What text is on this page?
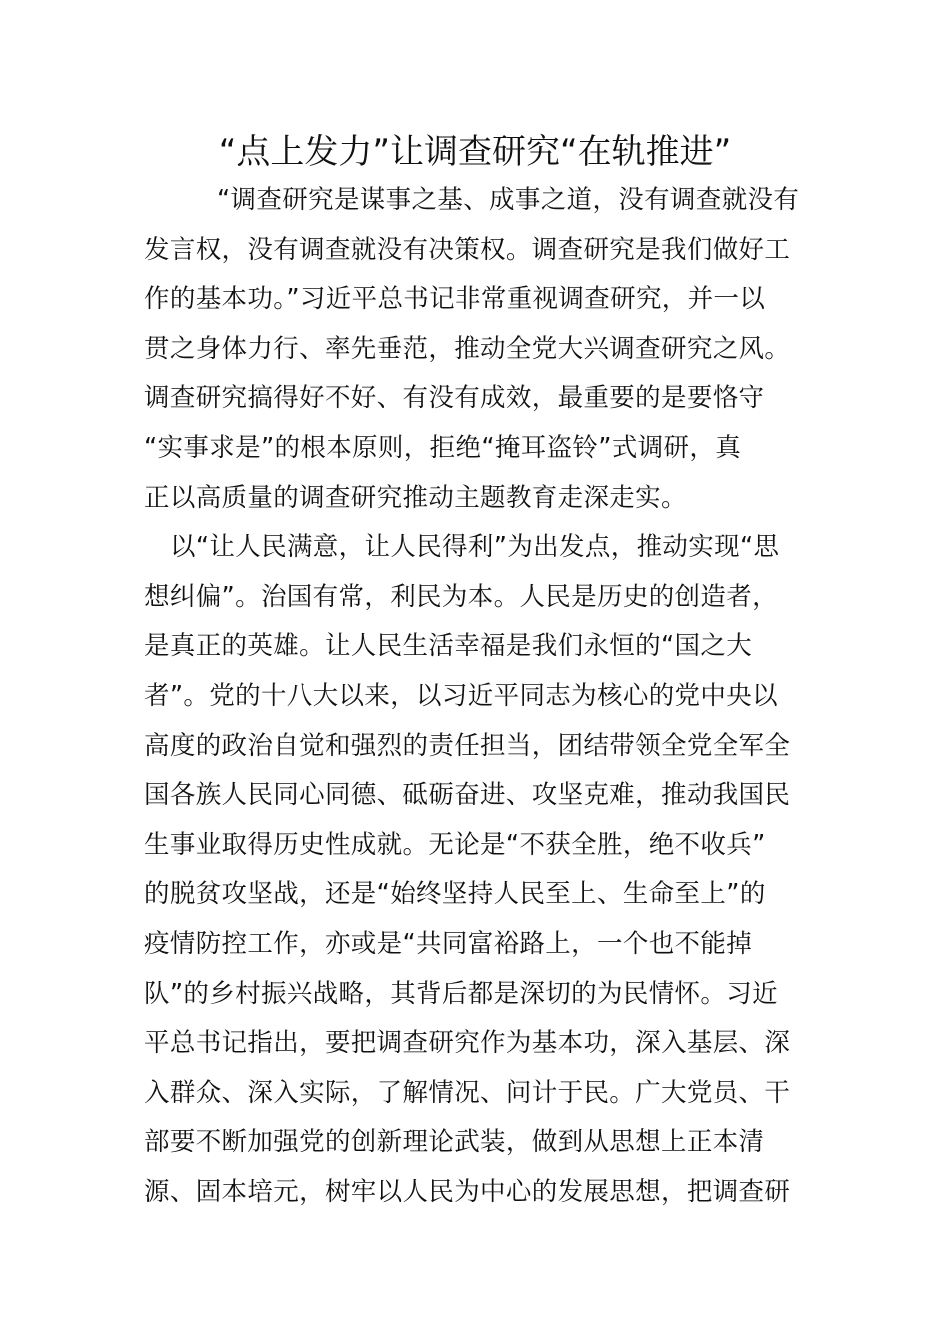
“点上发力”让调查研究“在轨推进”
“调查研究是谋事之基、成事之道，没有调查就没有
发言权，没有调查就没有决策权。调查研究是我们做好工
作的基本功。”习近平总书记非常重视调查研究，并一以
贯之身体力行、率先垂范，推动全党大兴调查研究之风。
调查研究搞得好不好、有没有成效，最重要的是要恪守
“实事求是”的根本原则，拒绝“掩耳盗铃”式调研，真
正以高质量的调查研究推动主题教育走深走实。
以“让人民满意，让人民得利”为出发点，推动实现“思
想纠偏”。治国有常，利民为本。人民是历史的创造者，
是真正的英雄。让人民生活幸福是我们永恒的“国之大
者”。党的十八大以来，以习近平同志为核心的党中央以
高度的政治自觉和强烈的责任担当，团结带领全党全军全
国各族人民同心同德、砥砺奋进、攻坚克难，推动我国民
生事业取得历史性成就。无论是“不获全胜，绝不收兵”
的脱贫攻坚战，还是“始终坚持人民至上、生命至上”的
疫情防控工作，亦或是“共同富裕路上，一个也不能掉
队”的乡村振兴战略，其背后都是深切的为民情怀。习近
平总书记指出，要把调查研究作为基本功，深入基层、深
入群众、深入实际，了解情况、问计于民。广大党员、干
部要不断加强党的创新理论武装，做到从思想上正本清
源、固本培元，树牢以人民为中心的发展思想，把调查研
